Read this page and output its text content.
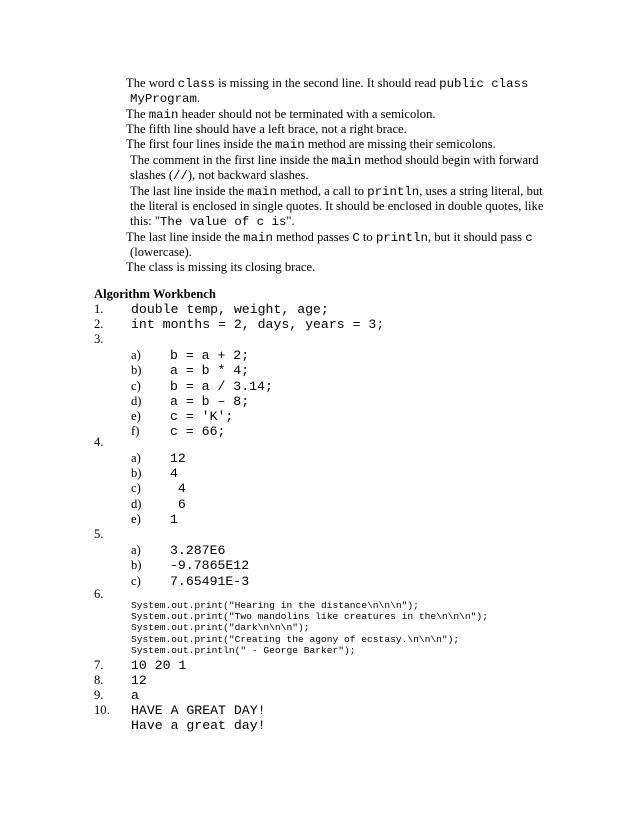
The word class is missing in the second line. It should read public class
MyProgram.
The main header should not be terminated with a semicolon.
The fifth line should have a left brace, not a right brace.
The first four lines inside the main method are missing their semicolons.
The comment in the first line inside the main method should begin with forward
slashes (//), not backward slashes.
The last line inside the main method, a call to println, uses a string literal, but
the literal is enclosed in single quotes. It should be enclosed in double quotes, like
this: "The value of c is".
The last line inside the main method passes C to println, but it should pass c
(lowercase).
The class is missing its closing brace.
Algorithm Workbench
1. double temp, weight, age;
2. int months = 2, days, years = 3;
3.
a) b = a + 2;
b) a = b * 4;
c) b = a / 3.14;
d) a = b – 8;
e) c = 'K';
f) c = 66;
4.
a) 12
b) 4
c) 4
d) 6
e) 1
5.
a) 3.287E6
b) -9.7865E12
c) 7.65491E-3
6.
System.out.print("Hearing in the distance\n\n\n");
System.out.print("Two mandolins like creatures in the\n\n\n");
System.out.print("dark\n\n\n");
System.out.print("Creating the agony of ecstasy.\n\n\n");
System.out.println(" - George Barker");
7. 10 20 1
8. 12
9. a
10. HAVE A GREAT DAY!
Have a great day!
